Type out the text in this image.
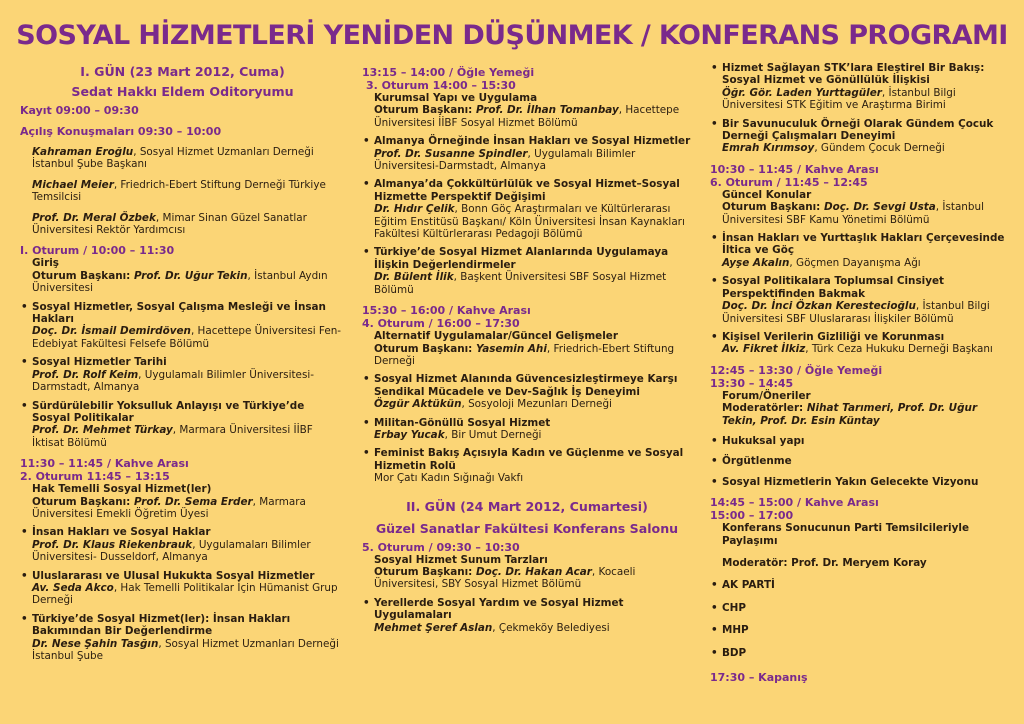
SOSYAL HİZMETLERİ YENİDEN DÜŞÜNMEK / KONFERANS PROGRAMI
I. GÜN (23 Mart 2012, Cuma)
Sedat Hakkı Eldem Oditoryumu
Kayıt 09:00 – 09:30
Açılış Konuşmaları 09:30 – 10:00
Kahraman Eroğlu, Sosyal Hizmet Uzmanları Derneği İstanbul Şube Başkanı
Michael Meier, Friedrich-Ebert Stiftung Derneği Türkiye Temsilcisi
Prof. Dr. Meral Özbek, Mimar Sinan Güzel Sanatlar Üniversitesi Rektör Yardımcısı
I. Oturum / 10:00 – 11:30
Giriş
Oturum Başkanı: Prof. Dr. Uğur Tekin, İstanbul Aydın Üniversitesi
• Sosyal Hizmetler, Sosyal Çalışma Mesleği ve İnsan Hakları
Doç. Dr. İsmail Demirdöven, Hacettepe Üniversitesi Fen-Edebiyat Fakültesi Felsefe Bölümü
• Sosyal Hizmetler Tarihi
Prof. Dr. Rolf Keim, Uygulamalı Bilimler Üniversitesi-Darmstadt, Almanya
• Sürdürülebilir Yoksulluk Anlayışı ve Türkiye’de Sosyal Politikalar
Prof. Dr. Mehmet Türkay, Marmara Üniversitesi İİBF İktisat Bölümü
11:30 – 11:45 / Kahve Arası
2. Oturum 11:45 – 13:15
Hak Temelli Sosyal Hizmet(ler)
Oturum Başkanı: Prof. Dr. Sema Erder, Marmara Üniversitesi Emekli Öğretim Üyesi
• İnsan Hakları ve Sosyal Haklar
Prof. Dr. Klaus Riekenbrauk, Uygulamaları Bilimler Üniversitesi- Dusseldorf, Almanya
• Uluslararası ve Ulusal Hukukta Sosyal Hizmetler
Av. Seda Akco, Hak Temelli Politikalar İçin Hümanist Grup Derneği
• Türkiye’de Sosyal Hizmet(ler): İnsan Hakları Bakımından Bir Değerlendirme
Dr. Nese Şahin Tasğın, Sosyal Hizmet Uzmanları Derneği İstanbul Şube
13:15 – 14:00 / Öğle Yemeği
3. Oturum 14:00 – 15:30
Kurumsal Yapı ve Uygulama
Oturum Başkanı: Prof. Dr. İlhan Tomanbay, Hacettepe Üniversitesi İİBF Sosyal Hizmet Bölümü
• Almanya Örneğinde İnsan Hakları ve Sosyal Hizmetler
Prof. Dr. Susanne Spindler, Uygulamalı Bilimler Üniversitesi-Darmstadt, Almanya
• Almanya’da Çokkültürlülük ve Sosyal Hizmet–Sosyal Hizmette Perspektif Değişimi
Dr. Hıdır Çelik, Bonn Göç Araştırmaları ve Kültürlerarası Eğitim Enstitüsü Başkanı/ Köln Üniversitesi İnsan Kaynakları Fakültesi Kültürlerarası Pedagoji Bölümü
• Türkiye’de Sosyal Hizmet Alanlarında Uygulamaya İlişkin Değerlendirmeler
Dr. Bülent İlik, Başkent Üniversitesi SBF Sosyal Hizmet Bölümü
15:30 – 16:00 / Kahve Arası
4. Oturum / 16:00 – 17:30
Alternatif Uygulamalar/Güncel Gelişmeler
Oturum Başkanı: Yasemin Ahi, Friedrich-Ebert Stiftung Derneği
• Sosyal Hizmet Alanında Güvencesizleştirmeye Karşı Sendikal Mücadele ve Dev-Sağlık İş Deneyimi
Özgür Aktükün, Sosyoloji Mezunları Derneği
• Militan-Gönüllü Sosyal Hizmet
Erbay Yucak, Bir Umut Derneği
• Feminist Bakış Açısıyla Kadın ve Güçlenme ve Sosyal Hizmetin Rolü
Mor Çatı Kadın Sığınağı Vakfı
II. GÜN (24 Mart 2012, Cumartesi)
Güzel Sanatlar Fakültesi Konferans Salonu
5. Oturum / 09:30 – 10:30
Sosyal Hizmet Sunum Tarzları
Oturum Başkanı: Doç. Dr. Hakan Acar, Kocaeli Üniversitesi, SBY Sosyal Hizmet Bölümü
• Yerellerde Sosyal Yardım ve Sosyal Hizmet Uygulamaları
Mehmet Şeref Aslan, Çekmeköy Belediyesi
• Hizmet Sağlayan STK’lara Eleştirel Bir Bakış: Sosyal Hizmet ve Gönüllülük İlişkisi
Öğr. Gör. Laden Yurttagüler, İstanbul Bilgi Üniversitesi STK Eğitim ve Araştırma Birimi
• Bir Savunuculuk Örneği Olarak Gündem Çocuk Derneği Çalışmaları Deneyimi
Emrah Kırımsoy, Gündem Çocuk Derneği
10:30 – 11:45 / Kahve Arası
6. Oturum / 11:45 – 12:45
Güncel Konular
Oturum Başkanı: Doç. Dr. Sevgi Usta, İstanbul Üniversitesi SBF Kamu Yönetimi Bölümü
• İnsan Hakları ve Yurttaşlık Hakları Çerçevesinde İltica ve Göç
Ayşe Akalın, Göçmen Dayanışma Ağı
• Sosyal Politikalara Toplumsal Cinsiyet Perspektifinden Bakmak
Doç. Dr. İnci Özkan Kerestecioğlu, İstanbul Bilgi Üniversitesi SBF Uluslararası İlişkiler Bölümü
• Kişisel Verilerin Gizliliği ve Korunması
Av. Fikret İlkiz, Türk Ceza Hukuku Derneği Başkanı
12:45 – 13:30 / Öğle Yemeği
13:30 – 14:45
Forum/Öneriler
Moderatörler: Nihat Tarımeri, Prof. Dr. Uğur Tekin, Prof. Dr. Esin Küntay
• Hukuksal yapı
• Örgütlenme
• Sosyal Hizmetlerin Yakın Gelecekte Vizyonu
14:45 – 15:00 / Kahve Arası
15:00 – 17:00
Konferans Sonucunun Parti Temsilcileriyle Paylaşımı
Moderatör: Prof. Dr. Meryem Koray
• AK PARTİ
• CHP
• MHP
• BDP
17:30 – Kapanış
